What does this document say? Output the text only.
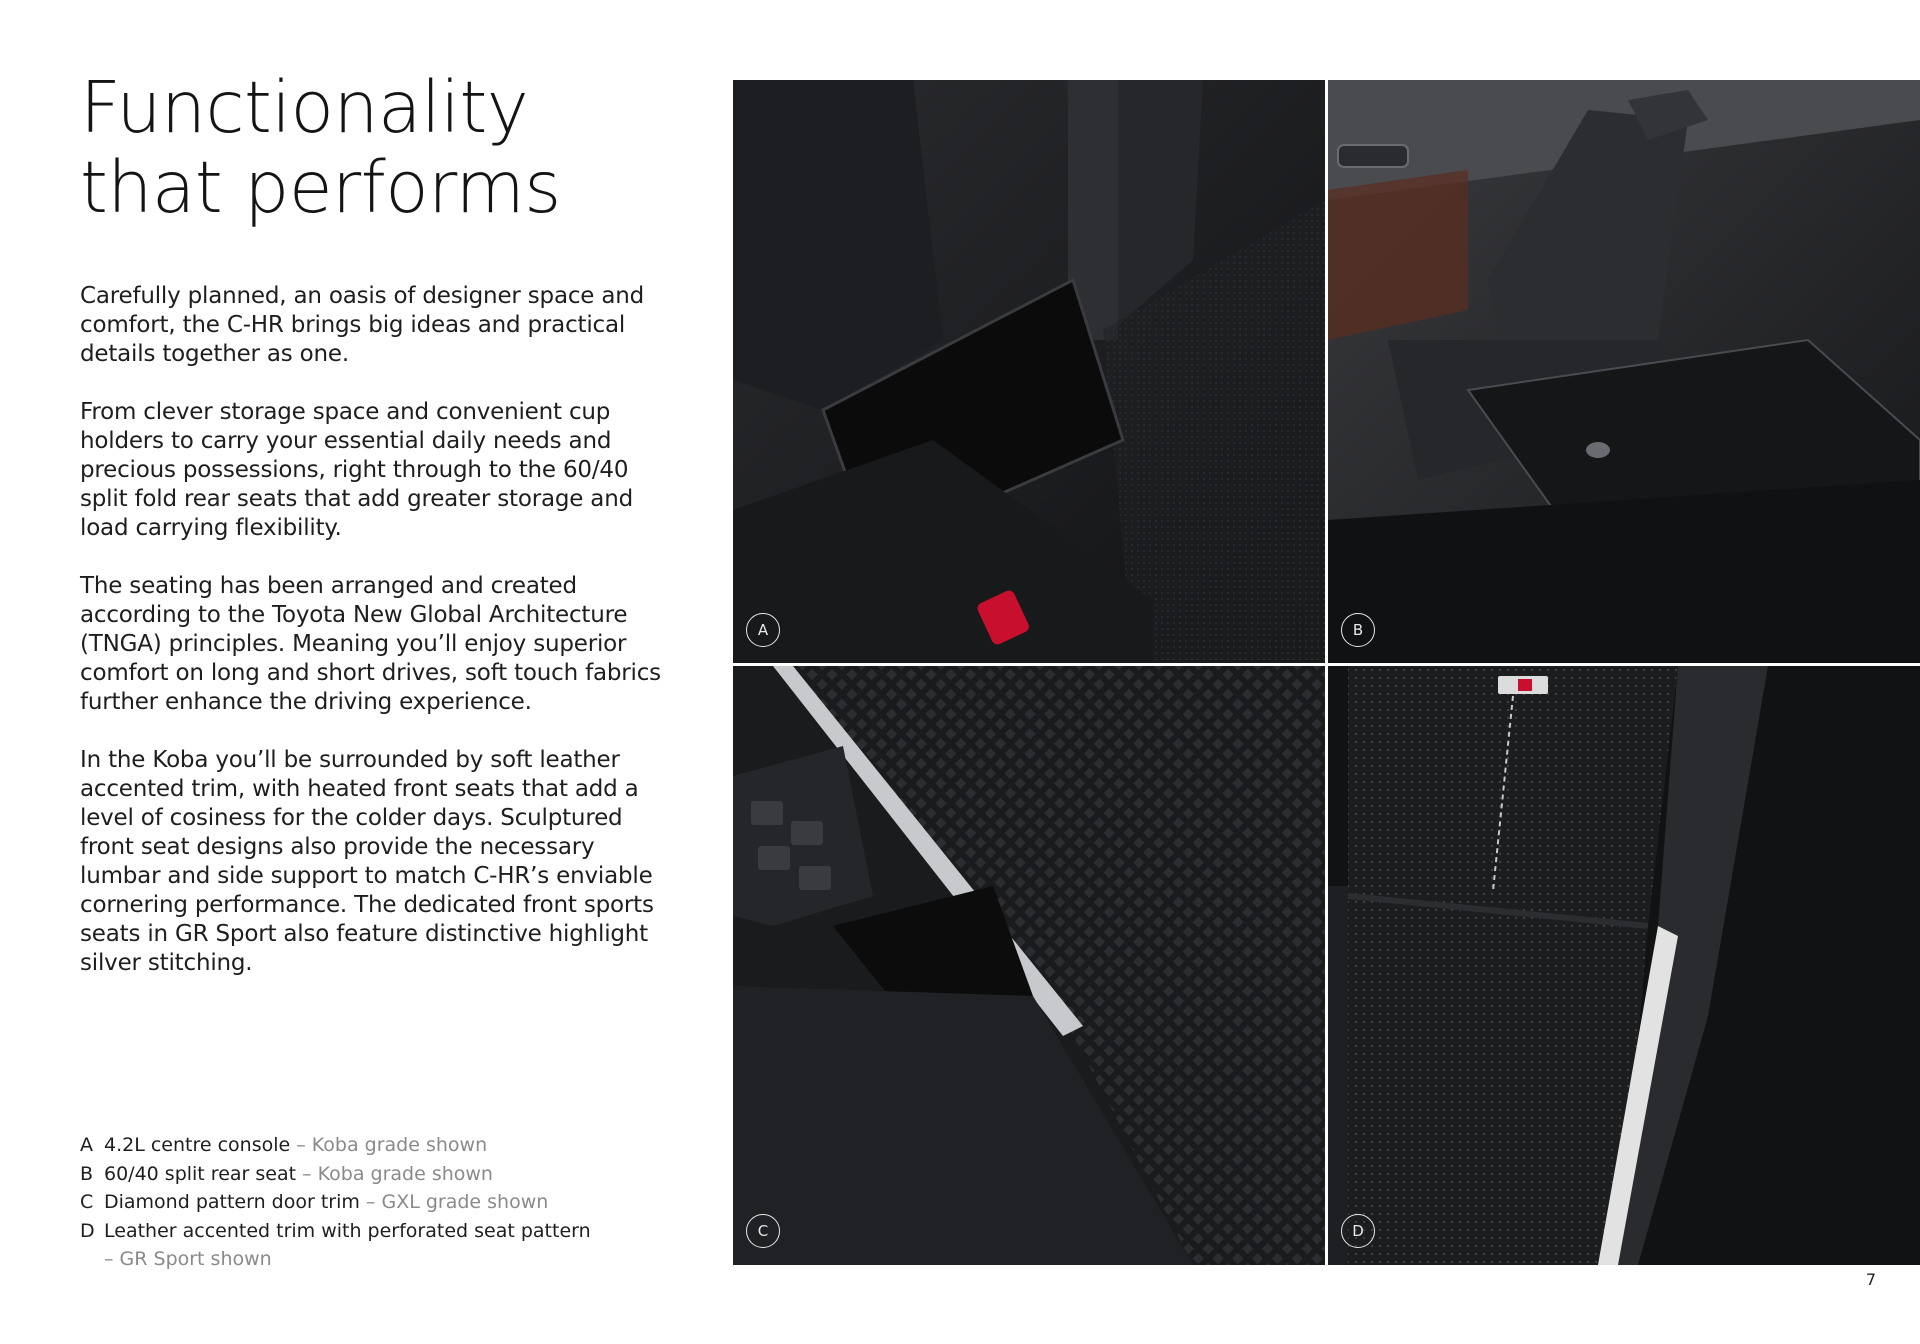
Functionality
that performs

Carefully planned, an oasis of designer space and comfort, the C-HR brings big ideas and practical details together as one.

From clever storage space and convenient cup holders to carry your essential daily needs and precious possessions, right through to the 60/40 split fold rear seats that add greater storage and load carrying flexibility.

The seating has been arranged and created according to the Toyota New Global Architecture (TNGA) principles. Meaning you’ll enjoy superior comfort on long and short drives, soft touch fabrics further enhance the driving experience.

In the Koba you’ll be surrounded by soft leather accented trim, with heated front seats that add a level of cosiness for the colder days. Sculptured front seat designs also provide the necessary lumbar and side support to match C-HR’s enviable cornering performance. The dedicated front sports seats in GR Sport also feature distinctive highlight silver stitching.

A 4.2L centre console – Koba grade shown
B 60/40 split rear seat – Koba grade shown
C Diamond pattern door trim – GXL grade shown
D Leather accented trim with perforated seat pattern
– GR Sport shown
A	B
C	D
7
